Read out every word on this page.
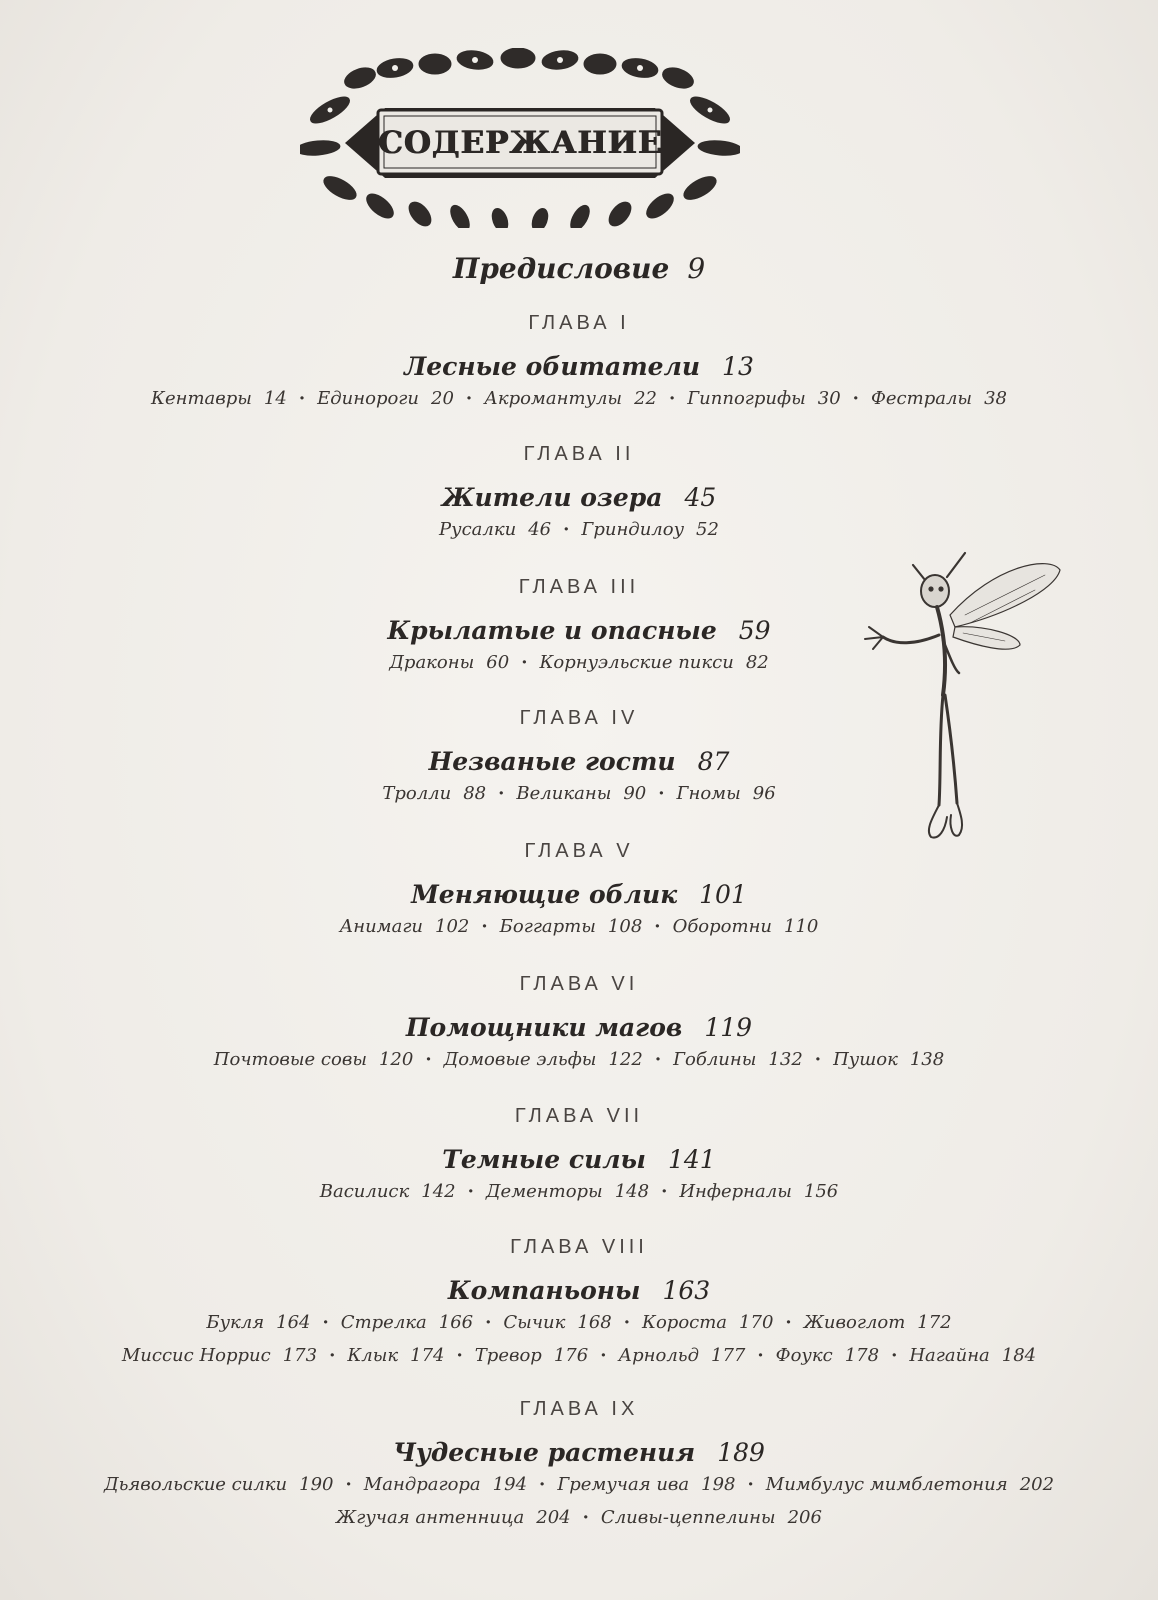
СОДЕРЖАНИЕ
Предисловие 9
ГЛАВА I
Лесные обитатели 13
Кентавры 14 · Единороги 20 · Акромантулы 22 · Гиппогрифы 30 · Фестралы 38
ГЛАВА II
Жители озера 45
Русалки 46 · Гриндилоу 52
ГЛАВА III
Крылатые и опасные 59
Драконы 60 · Корнуэльские пикси 82
ГЛАВА IV
Незваные гости 87
Тролли 88 · Великаны 90 · Гномы 96
ГЛАВА V
Меняющие облик 101
Анимаги 102 · Боггарты 108 · Оборотни 110
ГЛАВА VI
Помощники магов 119
Почтовые совы 120 · Домовые эльфы 122 · Гоблины 132 · Пушок 138
ГЛАВА VII
Темные силы 141
Василиск 142 · Дементоры 148 · Инферналы 156
ГЛАВА VIII
Компаньоны 163
Букля 164 · Стрелка 166 · Сычик 168 · Короста 170 · Живоглот 172
Миссис Норрис 173 · Клык 174 · Тревор 176 · Арнольд 177 · Фоукс 178 · Нагайна 184
ГЛАВА IX
Чудесные растения 189
Дьявольские силки 190 · Мандрагора 194 · Гремучая ива 198 · Мимбулус мимблетония 202
Жгучая антенница 204 · Сливы-цеппелины 206
